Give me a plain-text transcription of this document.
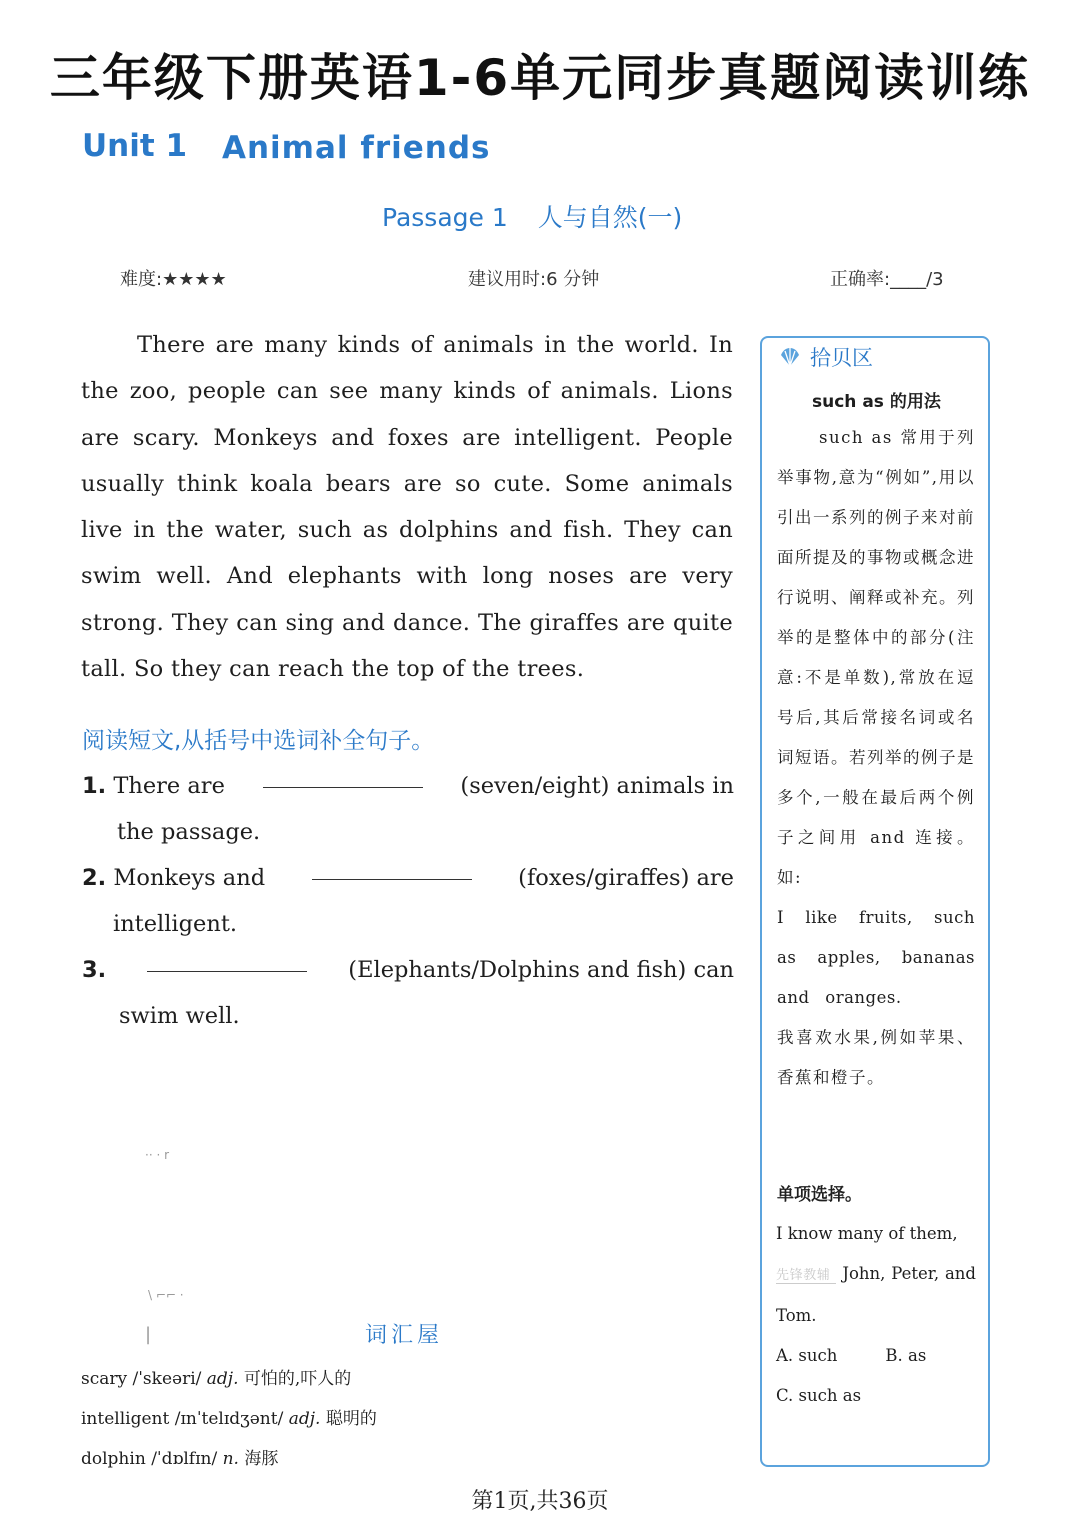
三年级下册英语1-6单元同步真题阅读训练
Unit 1 Animal friends
Passage 1 人与自然(一)
难度:★★★★	建议用时:6 分钟	正确率:____/3
There are many kinds of animals in the world. In the zoo, people can see many kinds of animals. Lions are scary. Monkeys and foxes are intelligent. People usually think koala bears are so cute. Some animals live in the water, such as dolphins and fish. They can swim well. And elephants with long noses are very strong. They can sing and dance. The giraffes are quite tall. So they can reach the top of the trees.
阅读短文,从括号中选词补全句子。
1. There are	(seven/eight) animals in
the passage.
2. Monkeys and	(foxes/giraffes) are
intelligent.
3.	(Elephants/Dolphins and fish) can
swim well.
拾贝区
such as 的用法

such as 常用于列举事物,意为“例如”,用以引出一系列的例子来对前面所提及的事物或概念进行说明、阐释或补充。列举的是整体中的部分(注意:不是单数),常放在逗号后,其后常接名词或名词短语。若列举的例子是多个,一般在最后两个例子之间用 and 连接。如:

I like fruits, such as apples, bananas and oranges.

我喜欢水果,例如苹果、香蕉和橙子。

单项选择。

I know many of them,

先锋教辅 John, Peter, and Tom.

A. such	B. as

C. such as

·· · r
\ ⌐⌐ ·
|	词汇屋
scary /ˈskeəri/ adj. 可怕的,吓人的
intelligent /ɪnˈtelɪdʒənt/ adj. 聪明的
dolphin /ˈdɒlfɪn/ n. 海豚
第1页,共36页
